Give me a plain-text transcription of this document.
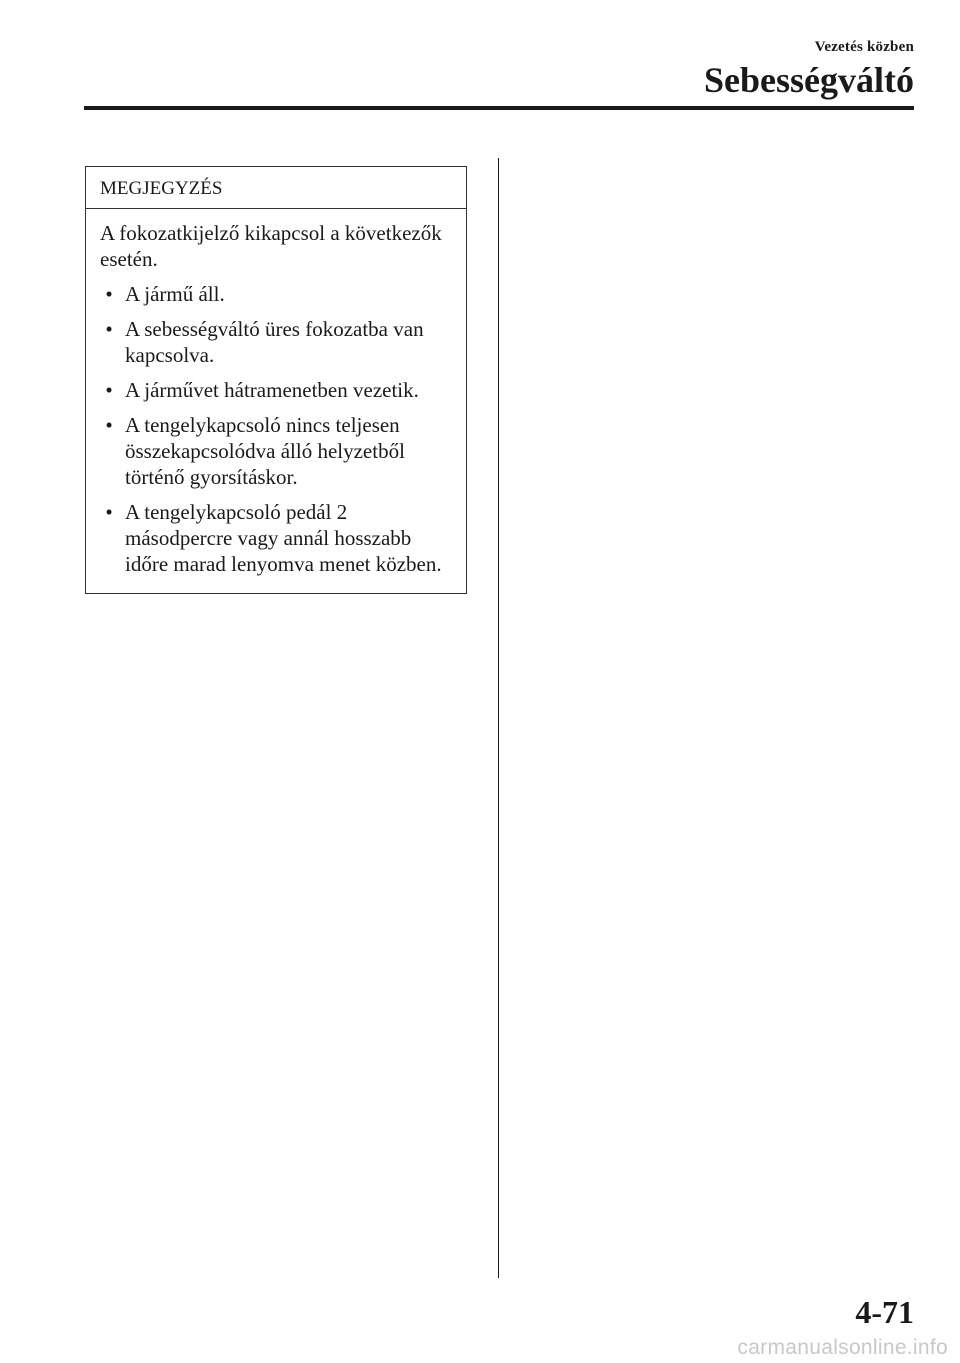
Vezetés közben
Sebességváltó
MEGJEGYZÉS

A fokozatkijelző kikapcsol a következők esetén.

• A jármű áll.
• A sebességváltó üres fokozatba van kapcsolva.
• A járművet hátramenetben vezetik.
• A tengelykapcsoló nincs teljesen összekapcsolódva álló helyzetből történő gyorsításkor.
• A tengelykapcsoló pedál 2 másodpercre vagy annál hosszabb időre marad lenyomva menet közben.
4-71
carmanualsonline.info
